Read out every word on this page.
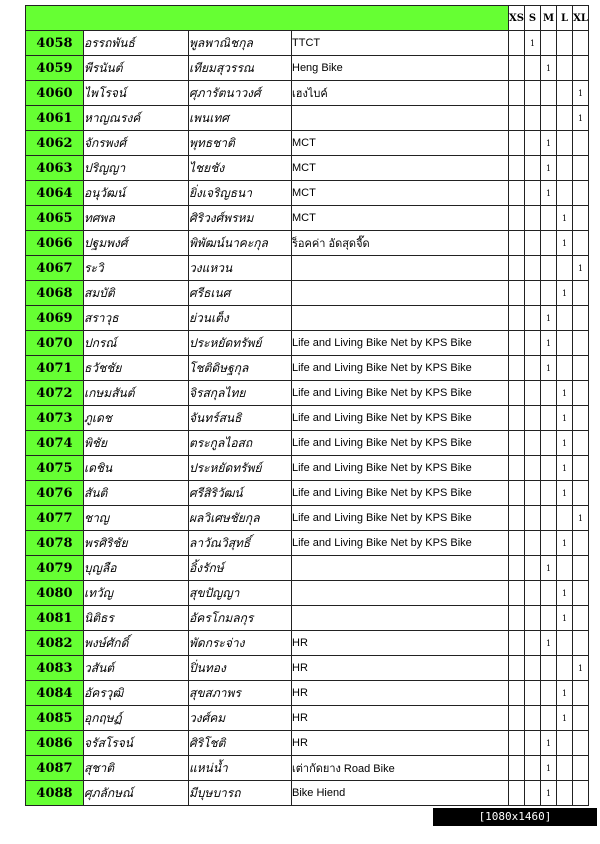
				XS	S	M	L	XL
4058	อรรถพันธ์	พูลพาณิชกุล	TTCT		1			
4059	พีรนันต์	เทียมสุวรรณ	Heng Bike			1		
4060	ไพโรจน์	ศุภารัตนาวงศ์	เฮงไบค์					1
4061	หาญณรงค์	เพนเทศ						1
4062	จักรพงศ์	พุทธชาติ	MCT			1		
4063	ปริญญา	ไชยชัง	MCT			1		
4064	อนุวัฒน์	ยิ่งเจริญธนา	MCT			1		
4065	ทศพล	ศิริวงศ์พรหม	MCT				1	
4066	ปฐมพงศ์	พิพัฒน์นาคะกุล	ร็อคค่า อัดสุดจี๊ด				1	
4067	ระวิ	วงแหวน						1
4068	สมบัติ	ศรีธเนศ					1	
4069	สราวุธ	ย่วนเต็ง				1		
4070	ปกรณ์	ประหยัดทรัพย์	Life and Living Bike Net by KPS Bike			1		
4071	ธวัชชัย	โชติดิษฐกุล	Life and Living Bike Net by KPS Bike			1		
4072	เกษมสันต์	จิรสกุลไทย	Life and Living Bike Net by KPS Bike				1	
4073	ภูเดช	จันทร์สนธิ	Life and Living Bike Net by KPS Bike				1	
4074	พิชัย	ตระกูลไอสถ	Life and Living Bike Net by KPS Bike				1	
4075	เดชิน	ประหยัดทรัพย์	Life and Living Bike Net by KPS Bike				1	
4076	สันติ	ศรีสิริวัฒน์	Life and Living Bike Net by KPS Bike				1	
4077	ชาญ	ผลวิเศษชัยกุล	Life and Living Bike Net by KPS Bike					1
4078	พรศิริชัย	ลาวัณวิสุทธิ์	Life and Living Bike Net by KPS Bike				1	
4079	บุญลือ	อิ้งรักษ์				1		
4080	เทวัญ	สุขปัญญา					1	
4081	นิติธร	อัครโกมลกุร					1	
4082	พงษ์ศักดิ์	พัดกระจ่าง	HR			1		
4083	วสันต์	ปิ่นทอง	HR					1
4084	อัครวุฒิ	สุขสภาพร	HR				1	
4085	อุกฤษฏ์	วงศ์คม	HR				1	
4086	จรัสโรจน์	ศิริโชติ	HR			1		
4087	สุชาติ	แหน่น้ำ	เต่ากัดยาง Road Bike			1		
4088	ศุภลักษณ์	มีบุษบารถ	Bike Hiend			1		
[1080x1460] https://upic.me/
